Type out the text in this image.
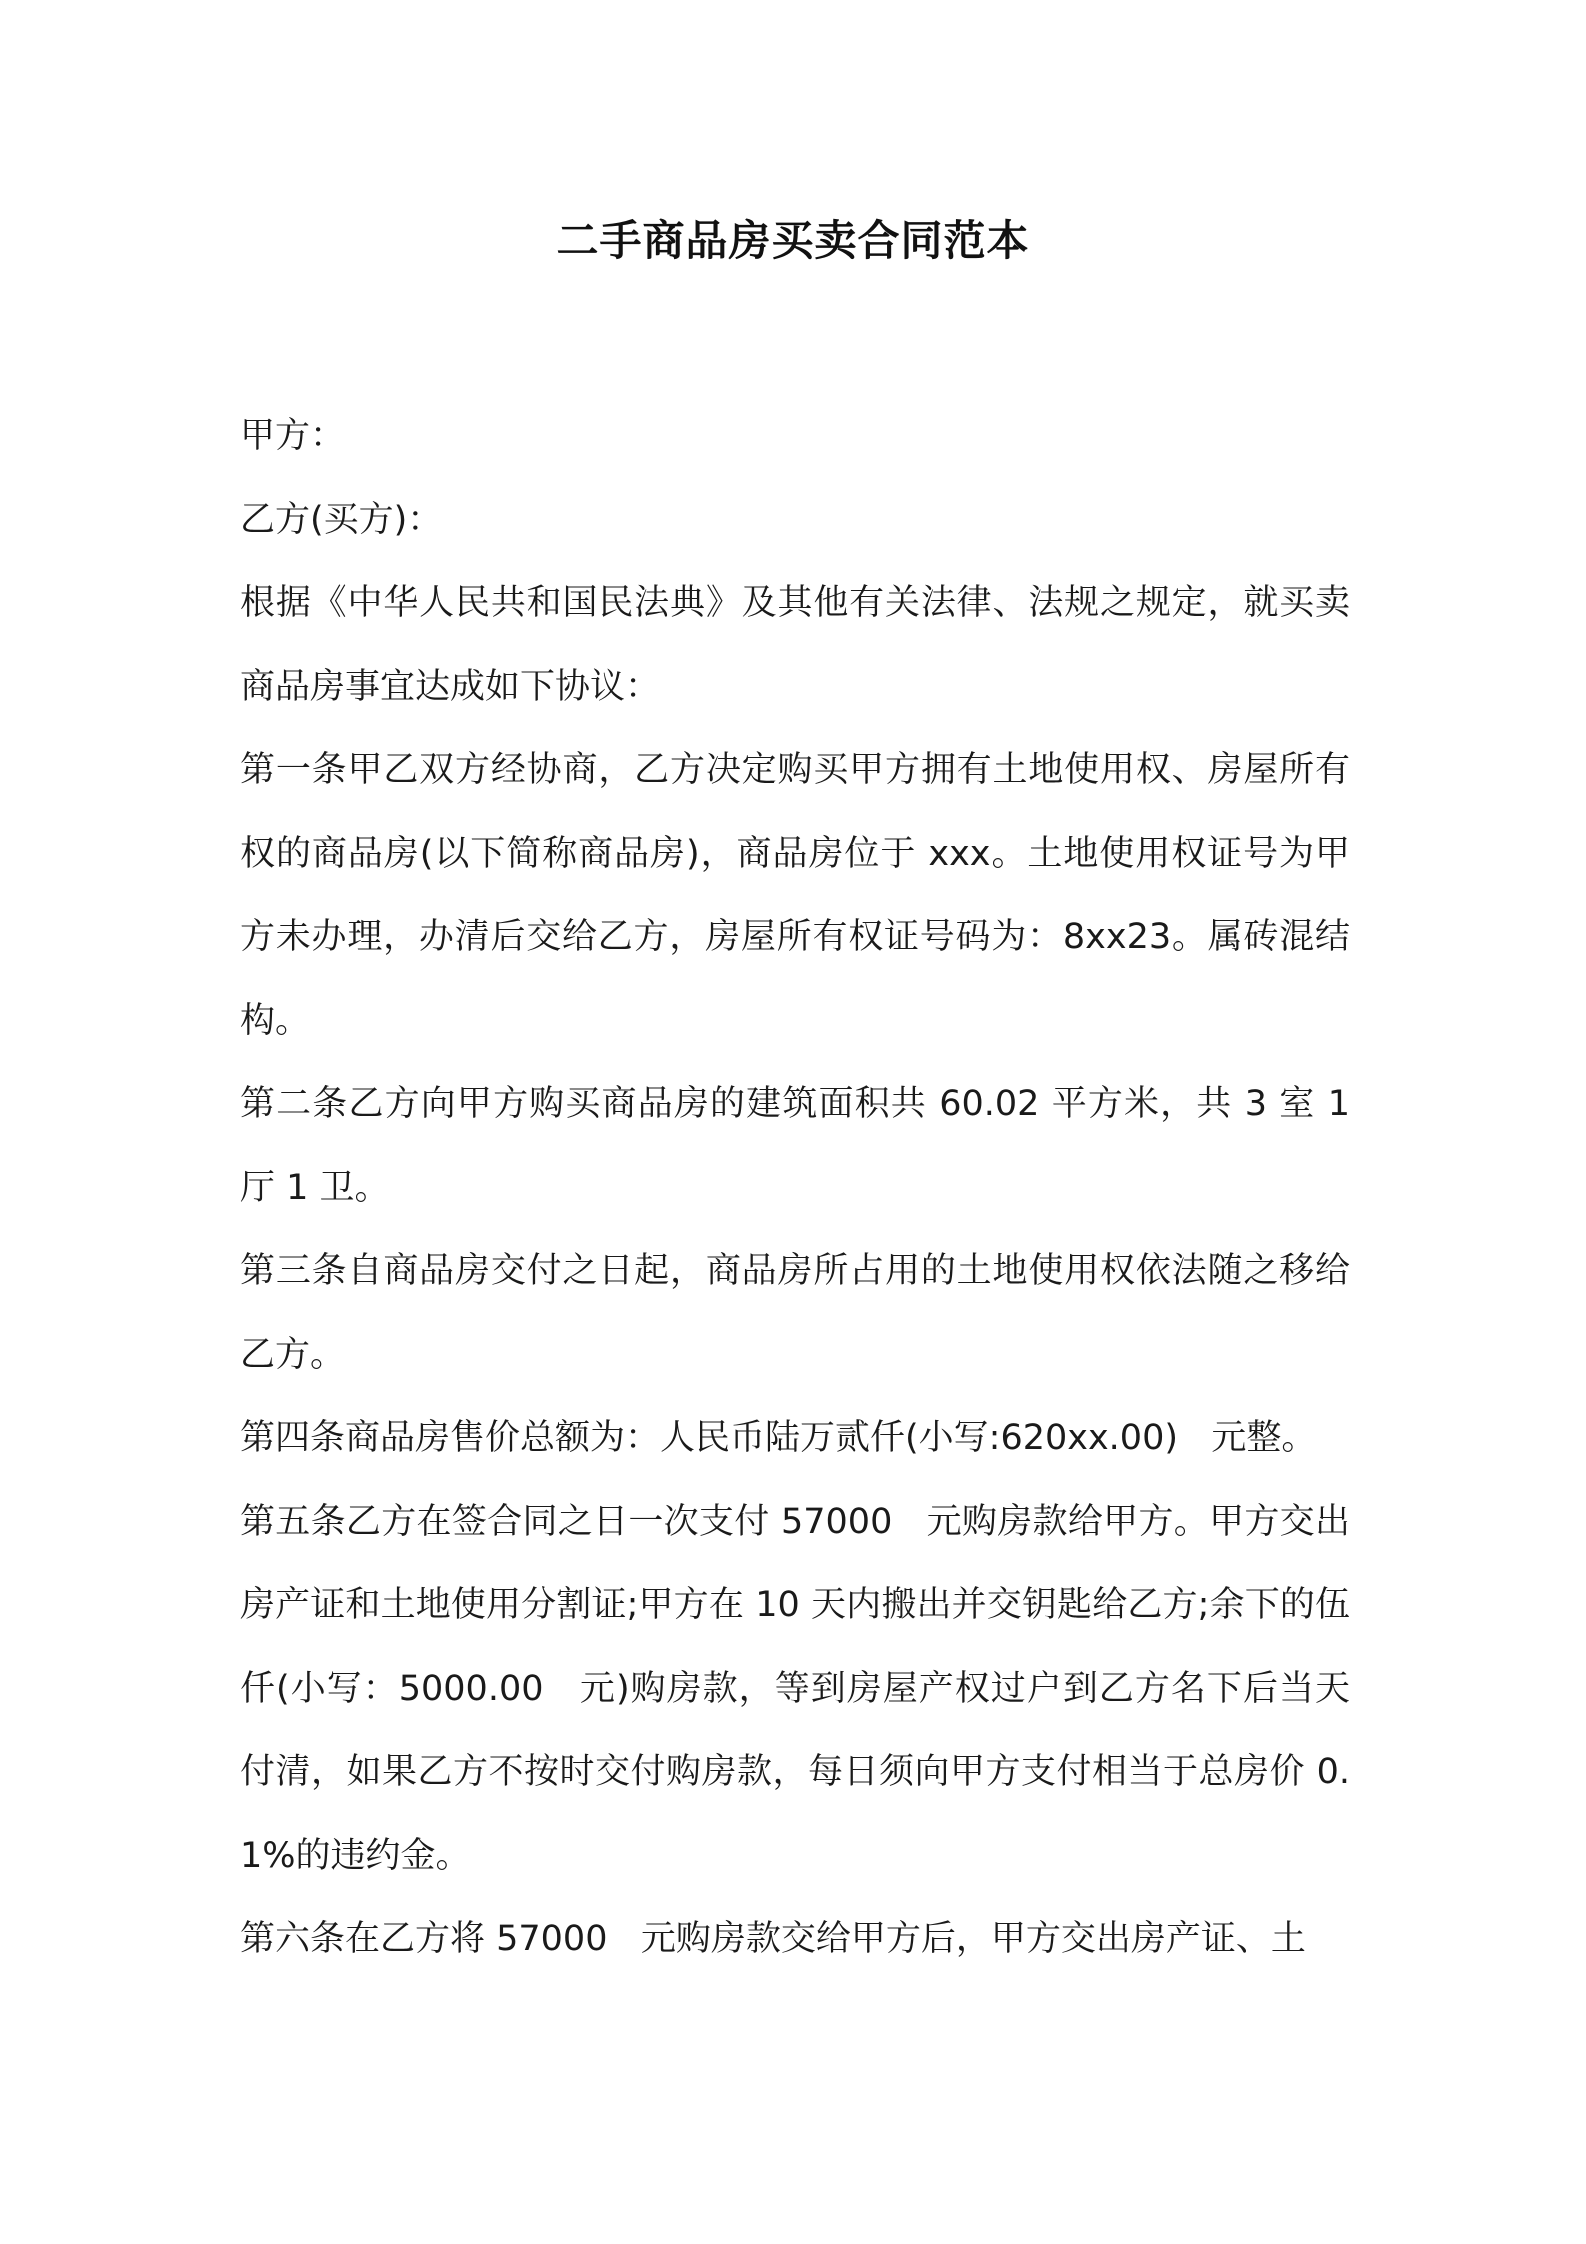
二手商品房买卖合同范本

甲方：

乙方(买方)：

根据《中华人民共和国民法典》及其他有关法律、法规之规定，就买卖商品房事宜达成如下协议：

第一条甲乙双方经协商，乙方决定购买甲方拥有土地使用权、房屋所有权的商品房(以下简称商品房)，商品房位于 xxx。土地使用权证号为甲方未办理，办清后交给乙方，房屋所有权证号码为：8xx23。属砖混结构。

第二条乙方向甲方购买商品房的建筑面积共 60.02 平方米，共 3 室 1 厅 1 卫。

第三条自商品房交付之日起，商品房所占用的土地使用权依法随之移给乙方。

第四条商品房售价总额为：人民币陆万贰仟(小写:620xx.00)   元整。

第五条乙方在签合同之日一次支付 57000   元购房款给甲方。甲方交出房产证和土地使用分割证;甲方在 10 天内搬出并交钥匙给乙方;余下的伍仟(小写：5000.00   元)购房款，等到房屋产权过户到乙方名下后当天付清，如果乙方不按时交付购房款，每日须向甲方支付相当于总房价 0.1%的违约金。

第六条在乙方将 57000   元购房款交给甲方后，甲方交出房产证、土
